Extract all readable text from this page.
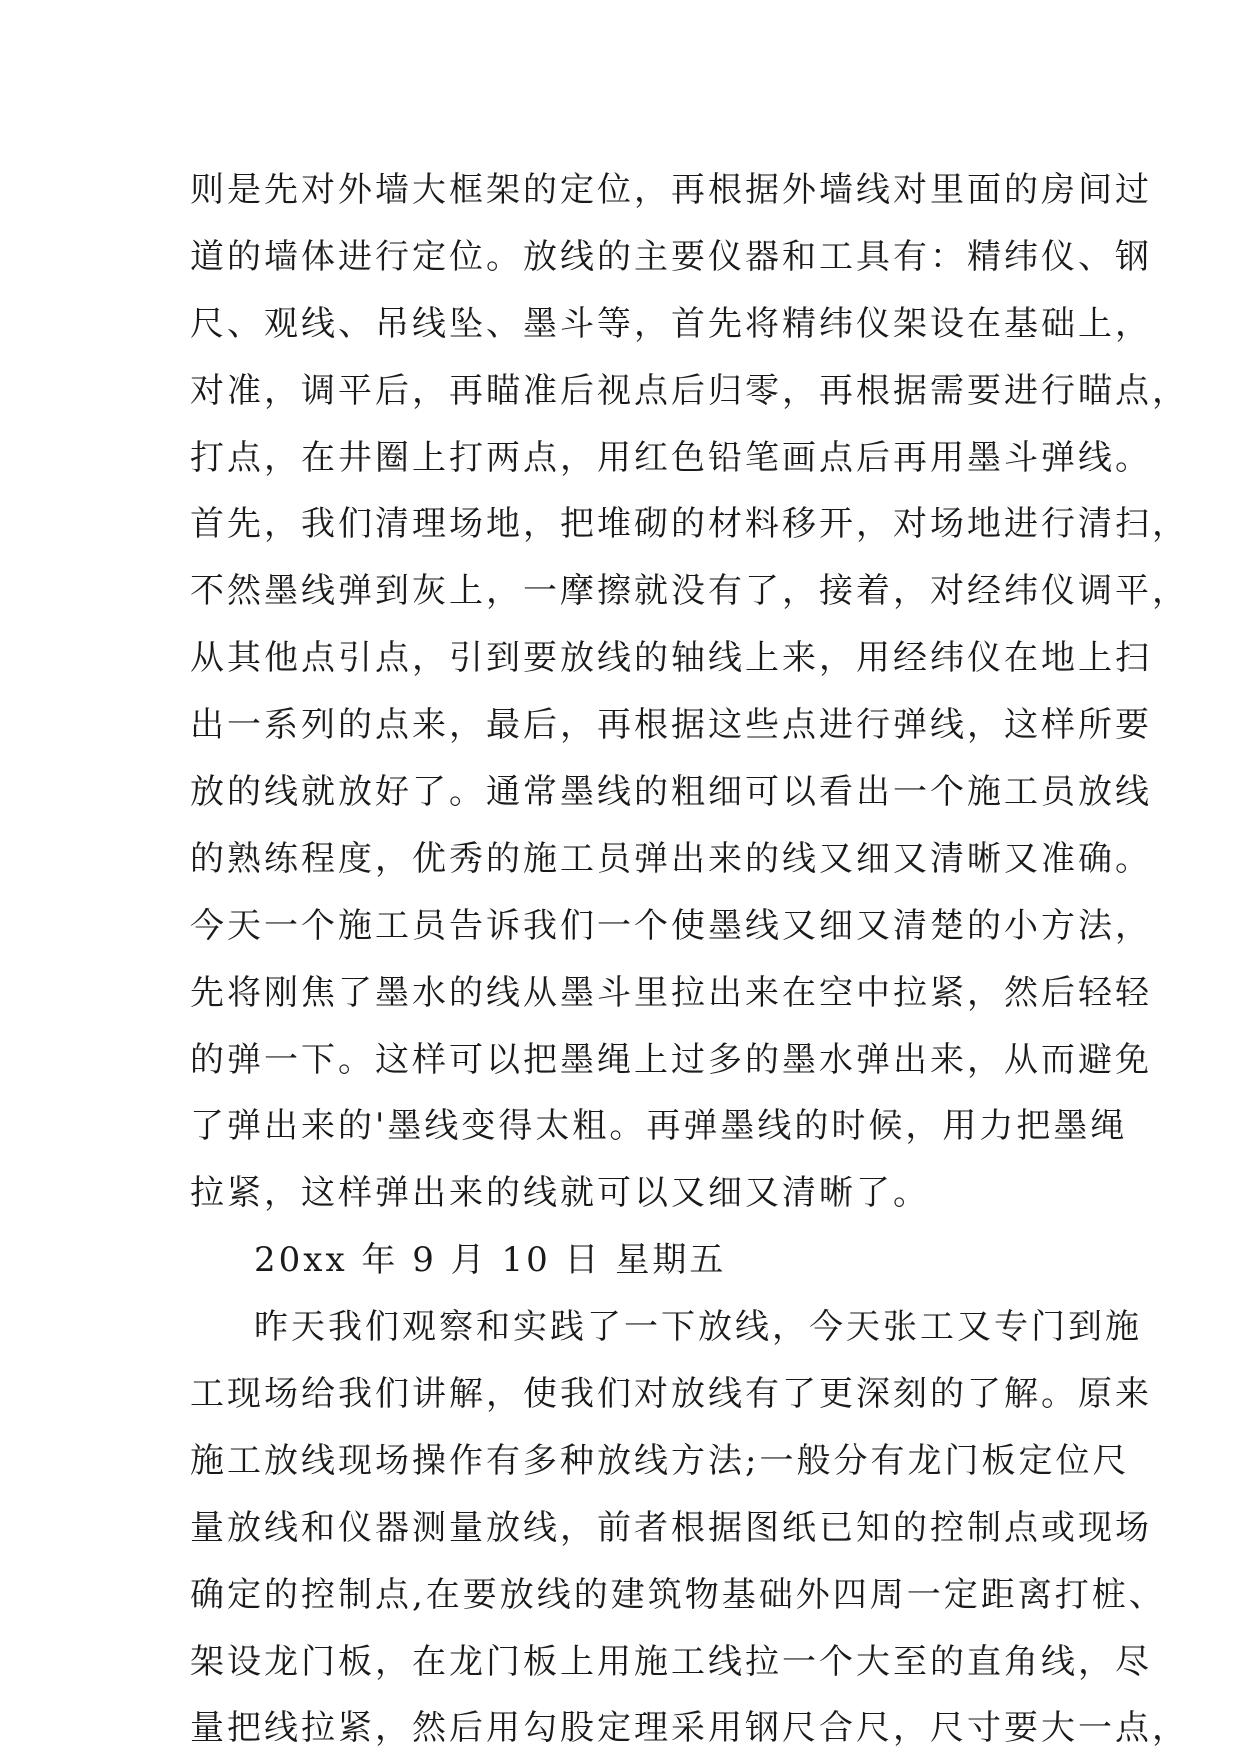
则是先对外墙大框架的定位，再根据外墙线对里面的房间过
道的墙体进行定位。放线的主要仪器和工具有：精纬仪、钢
尺、观线、吊线坠、墨斗等，首先将精纬仪架设在基础上，
对准，调平后，再瞄准后视点后归零，再根据需要进行瞄点，
打点，在井圈上打两点，用红色铅笔画点后再用墨斗弹线。
首先，我们清理场地，把堆砌的材料移开，对场地进行清扫，
不然墨线弹到灰上，一摩擦就没有了，接着，对经纬仪调平，
从其他点引点，引到要放线的轴线上来，用经纬仪在地上扫
出一系列的点来，最后，再根据这些点进行弹线，这样所要
放的线就放好了。通常墨线的粗细可以看出一个施工员放线
的熟练程度，优秀的施工员弹出来的线又细又清晰又准确。
今天一个施工员告诉我们一个使墨线又细又清楚的小方法，
先将刚焦了墨水的线从墨斗里拉出来在空中拉紧，然后轻轻
的弹一下。这样可以把墨绳上过多的墨水弹出来，从而避免
了弹出来的'墨线变得太粗。再弹墨线的时候，用力把墨绳
拉紧，这样弹出来的线就可以又细又清晰了。
20xx 年 9 月 10 日 星期五
昨天我们观察和实践了一下放线，今天张工又专门到施
工现场给我们讲解，使我们对放线有了更深刻的了解。原来
施工放线现场操作有多种放线方法;一般分有龙门板定位尺
量放线和仪器测量放线，前者根据图纸已知的控制点或现场
确定的控制点,在要放线的建筑物基础外四周一定距离打桩、
架设龙门板，在龙门板上用施工线拉一个大至的直角线，尽
量把线拉紧，然后用勾股定理采用钢尺合尺，尺寸要大一点，
